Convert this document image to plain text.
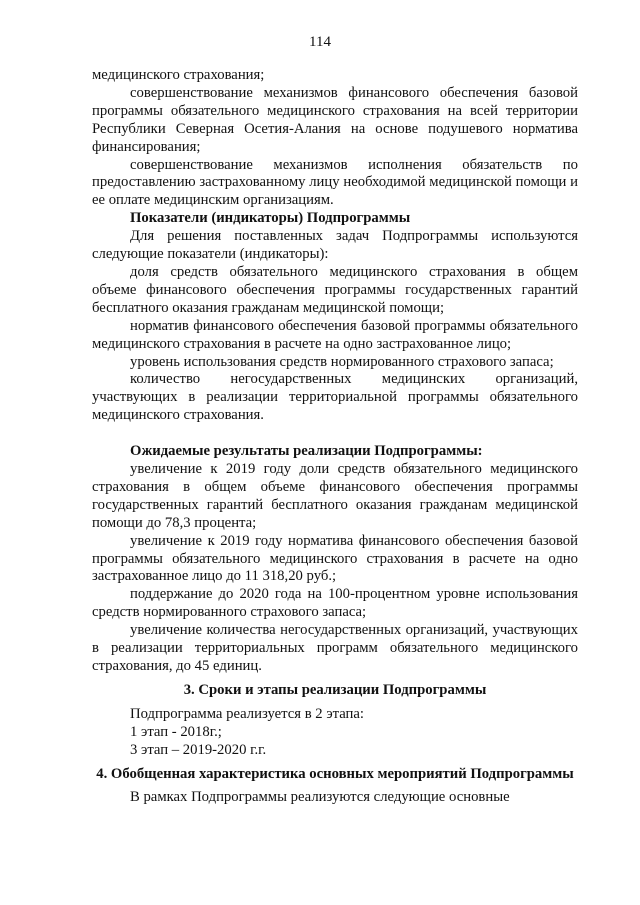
114
медицинского страхования;
совершенствование механизмов финансового обеспечения базовой программы обязательного медицинского страхования на всей территории Республики Северная Осетия-Алания на основе подушевого норматива финансирования;
совершенствование механизмов исполнения обязательств по предоставлению застрахованному лицу необходимой медицинской помощи и ее оплате медицинским организациям.
Показатели (индикаторы) Подпрограммы
Для решения поставленных задач Подпрограммы используются следующие показатели (индикаторы):
доля средств обязательного медицинского страхования в общем объеме финансового обеспечения программы государственных гарантий бесплатного оказания гражданам медицинской помощи;
норматив финансового обеспечения базовой программы обязательного медицинского страхования в расчете на одно застрахованное лицо;
уровень использования средств нормированного страхового запаса;
количество негосударственных медицинских организаций, участвующих в реализации территориальной программы обязательного медицинского страхования.
Ожидаемые результаты реализации Подпрограммы:
увеличение к 2019 году доли средств обязательного медицинского страхования в общем объеме финансового обеспечения программы государственных гарантий бесплатного оказания гражданам медицинской помощи до 78,3 процента;
увеличение к 2019 году норматива финансового обеспечения базовой программы обязательного медицинского страхования в расчете на одно застрахованное лицо до 11 318,20 руб.;
поддержание до 2020 года на 100-процентном уровне использования средств нормированного страхового запаса;
увеличение количества негосударственных организаций, участвующих в реализации территориальных программ обязательного медицинского страхования, до 45 единиц.
3. Сроки и этапы реализации Подпрограммы
Подпрограмма реализуется в 2 этапа:
1 этап - 2018г.;
3 этап – 2019-2020 г.г.
4. Обобщенная характеристика основных мероприятий Подпрограммы
В рамках Подпрограммы реализуются следующие основные
